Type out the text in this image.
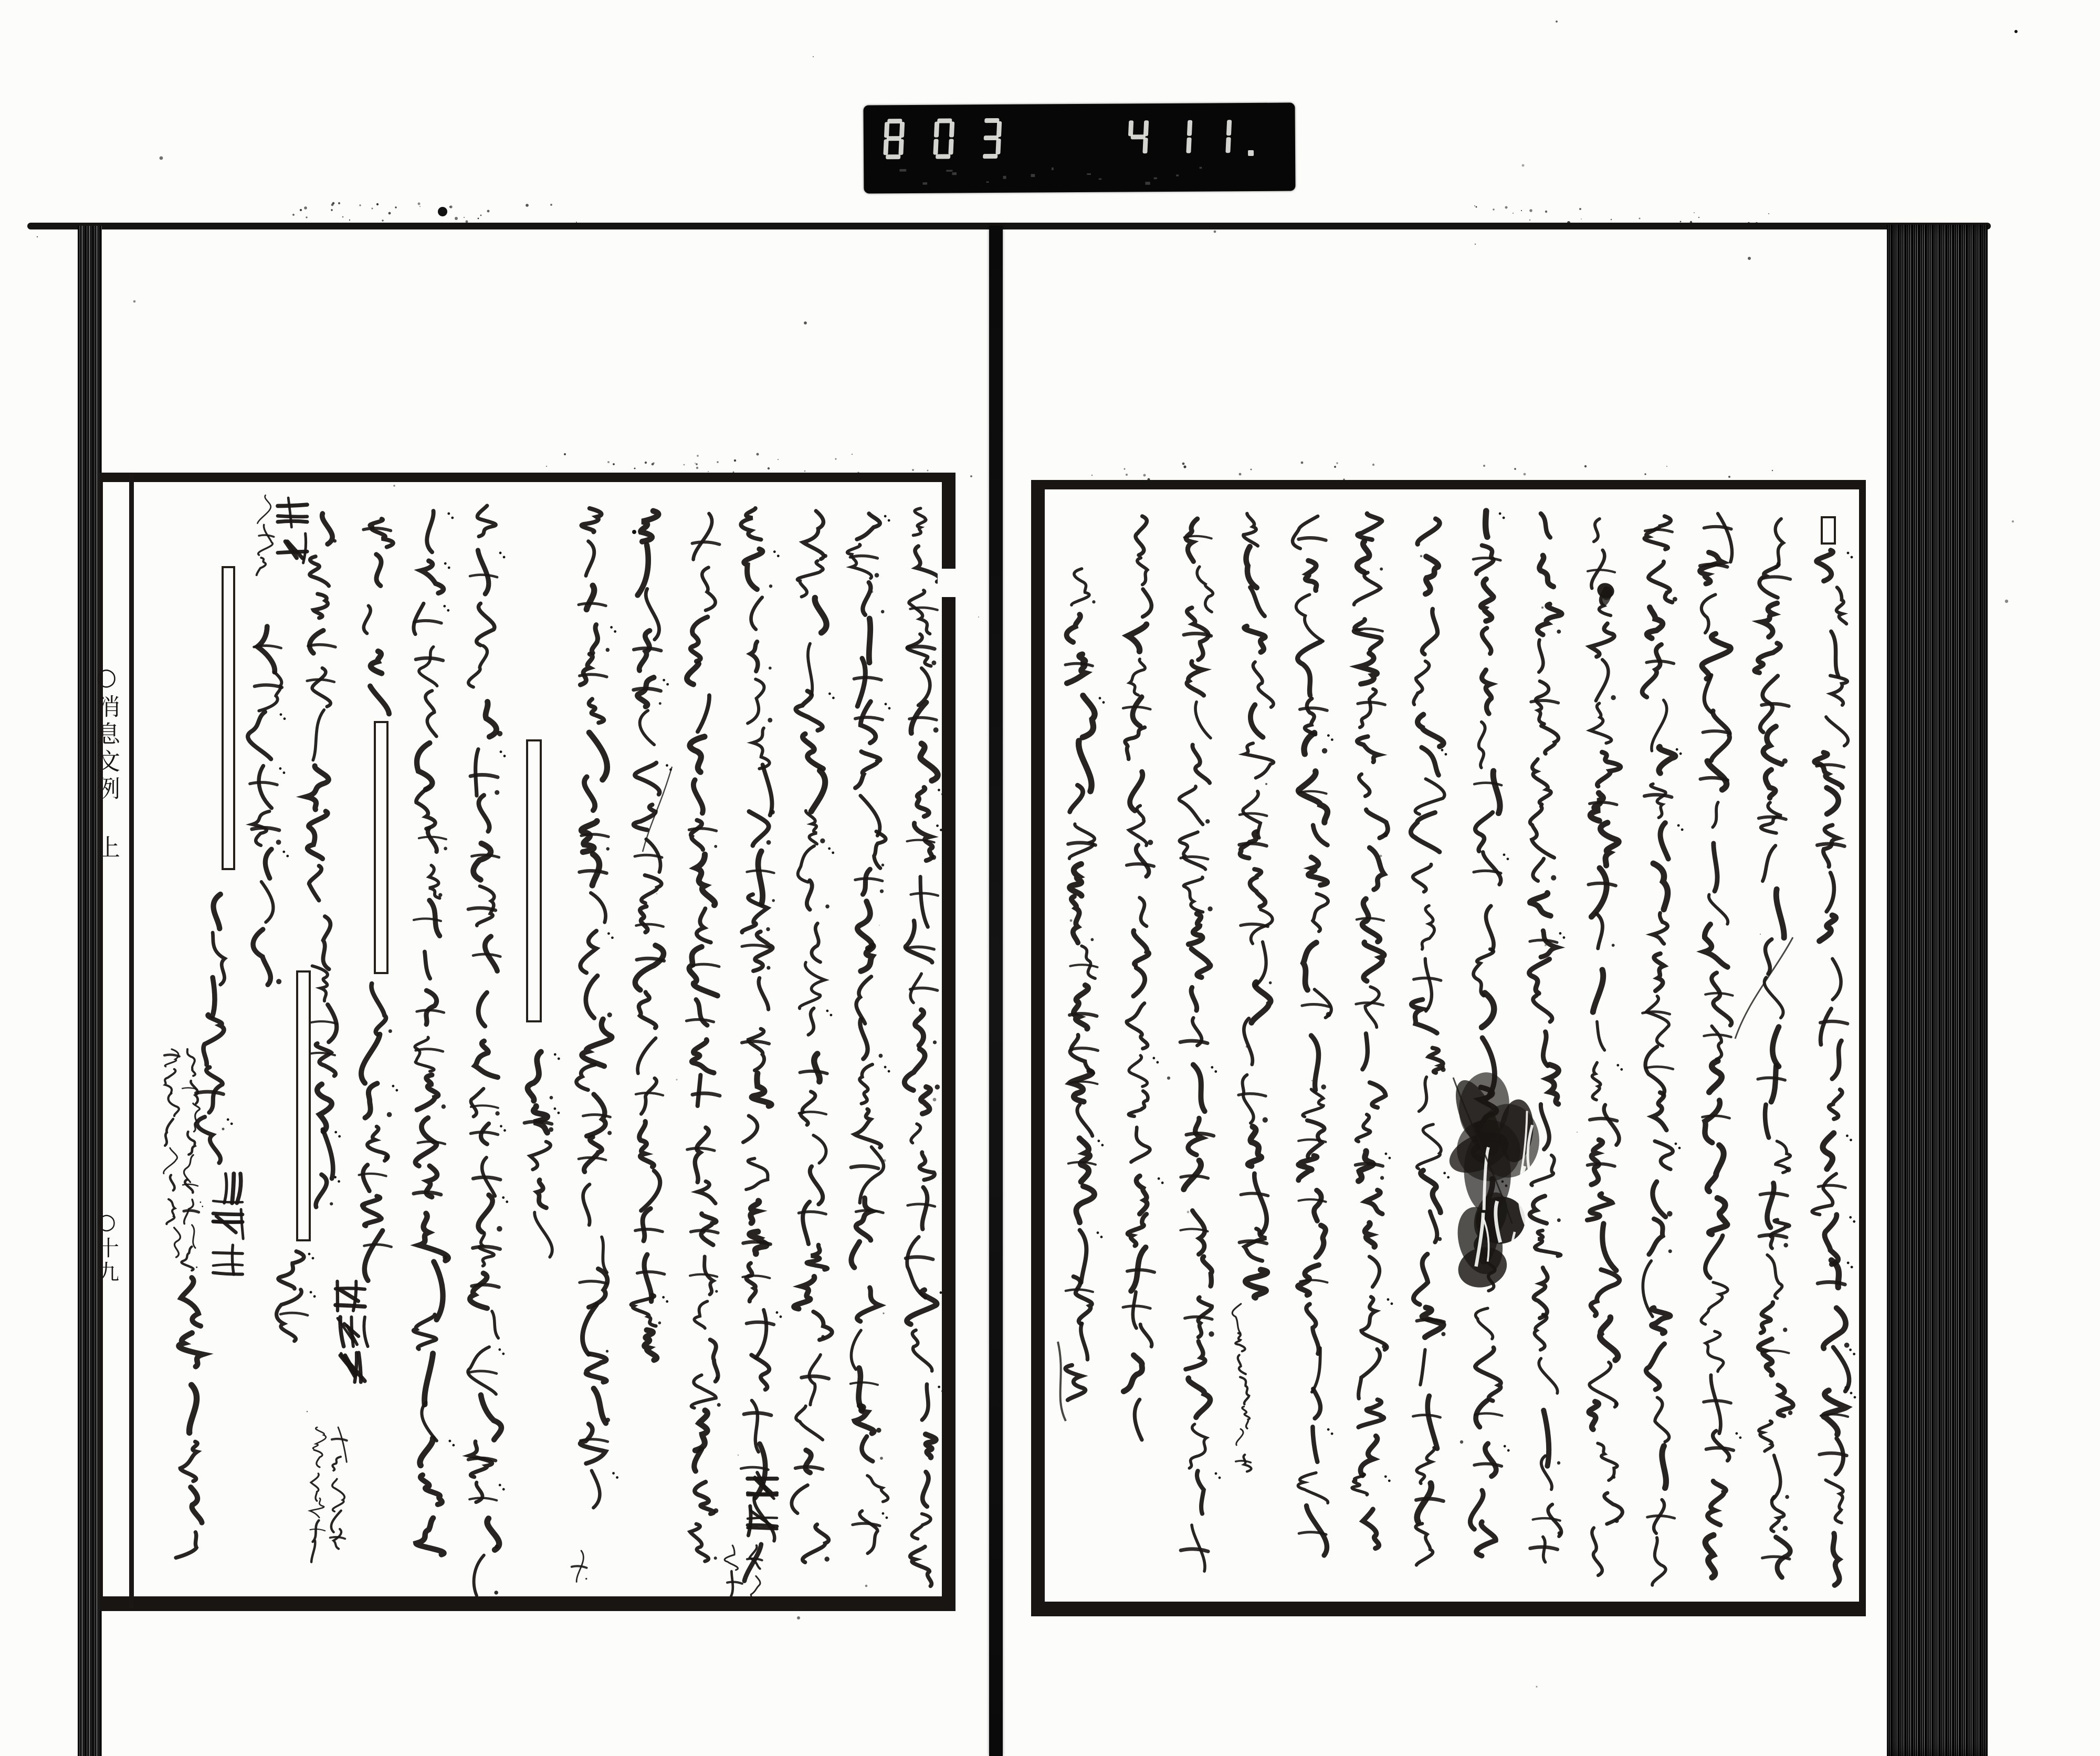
○消息文例 上
○十九
